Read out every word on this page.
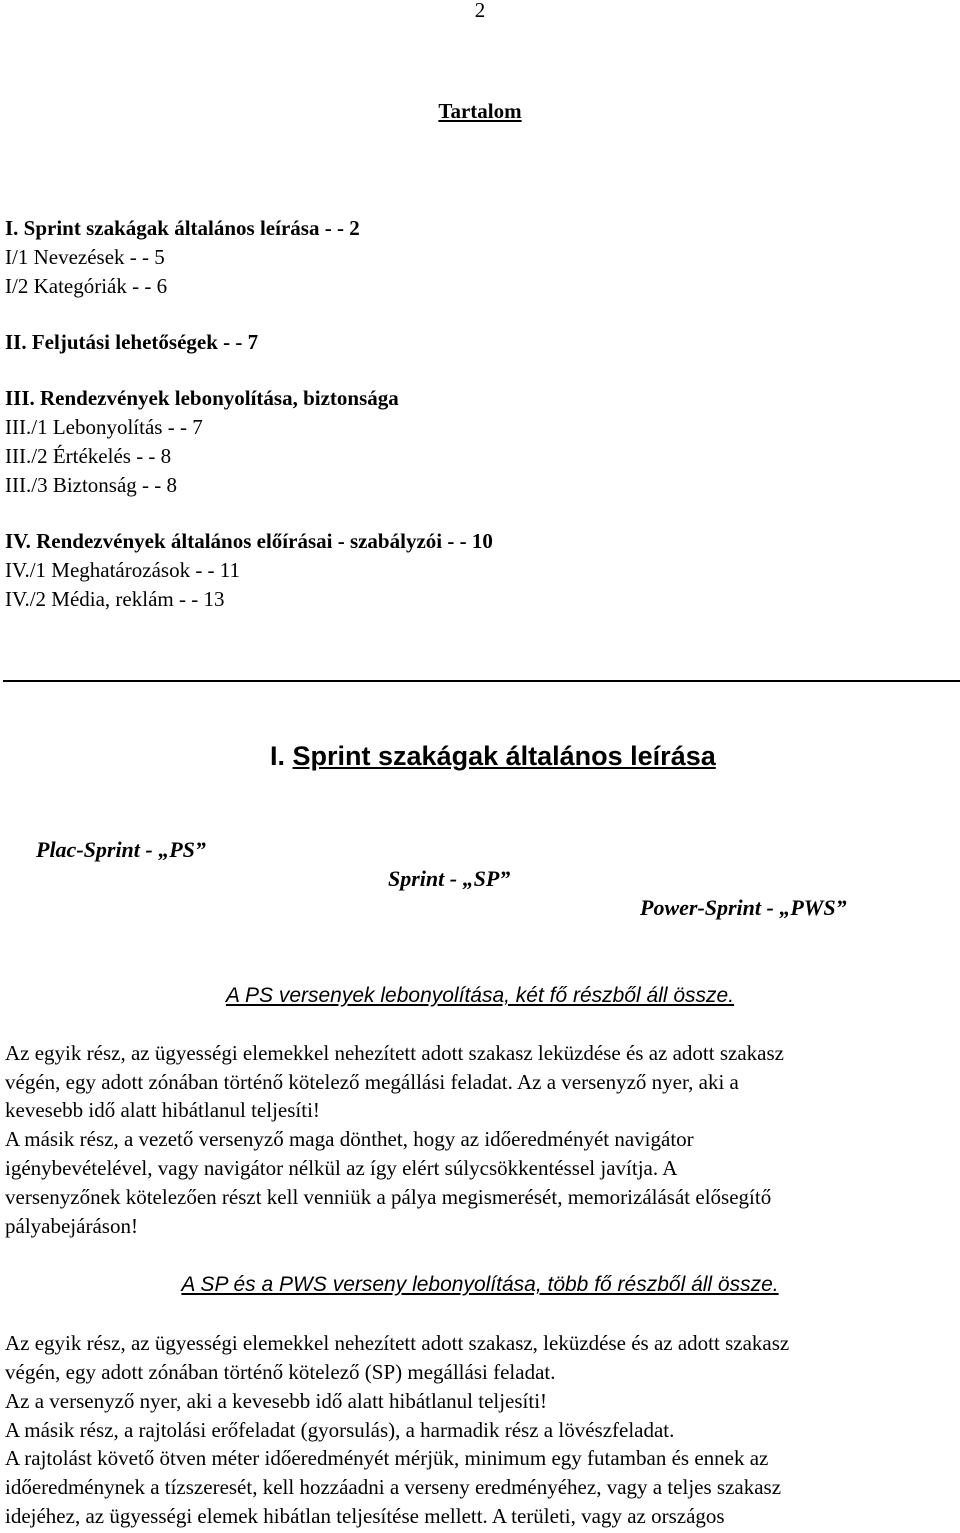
2
Tartalom
I. Sprint szakágak általános leírása - - 2
I/1 Nevezések - - 5
I/2 Kategóriák - - 6
II. Feljutási lehetőségek - - 7
III. Rendezvények lebonyolítása, biztonsága
III./1 Lebonyolítás - - 7
III./2 Értékelés - - 8
III./3 Biztonság - - 8
IV. Rendezvények általános előírásai - szabályzói - - 10
IV./1 Meghatározások - - 11
IV./2 Média, reklám - - 13
I. Sprint szakágak általános leírása
Plac-Sprint - „PS”
Sprint - „SP”
Power-Sprint - „PWS”
A PS versenyek lebonyolítása, két fő részből áll össze.
Az egyik rész, az ügyességi elemekkel nehezített adott szakasz leküzdése és az adott szakasz
végén, egy adott zónában történő kötelező megállási feladat. Az a versenyző nyer, aki a
kevesebb idő alatt hibátlanul teljesíti!
A másik rész, a vezető versenyző maga dönthet, hogy az időeredményét navigátor
igénybevételével, vagy navigátor nélkül az így elért súlycsökkentéssel javítja. A
versenyzőnek kötelezően részt kell venniük a pálya megismerését, memorizálását elősegítő
pályabejáráson!
A SP és a PWS verseny lebonyolítása, több fő részből áll össze.
Az egyik rész, az ügyességi elemekkel nehezített adott szakasz, leküzdése és az adott szakasz
végén, egy adott zónában történő kötelező (SP) megállási feladat.
Az a versenyző nyer, aki a kevesebb idő alatt hibátlanul teljesíti!
A másik rész, a rajtolási erőfeladat (gyorsulás), a harmadik rész a lövészfeladat.
A rajtolást követő ötven méter időeredményét mérjük, minimum egy futamban és ennek az
időeredménynek a tízszeresét, kell hozzáadni a verseny eredményéhez, vagy a teljes szakasz
idejéhez, az ügyességi elemek hibátlan teljesítése mellett. A területi, vagy az országos
